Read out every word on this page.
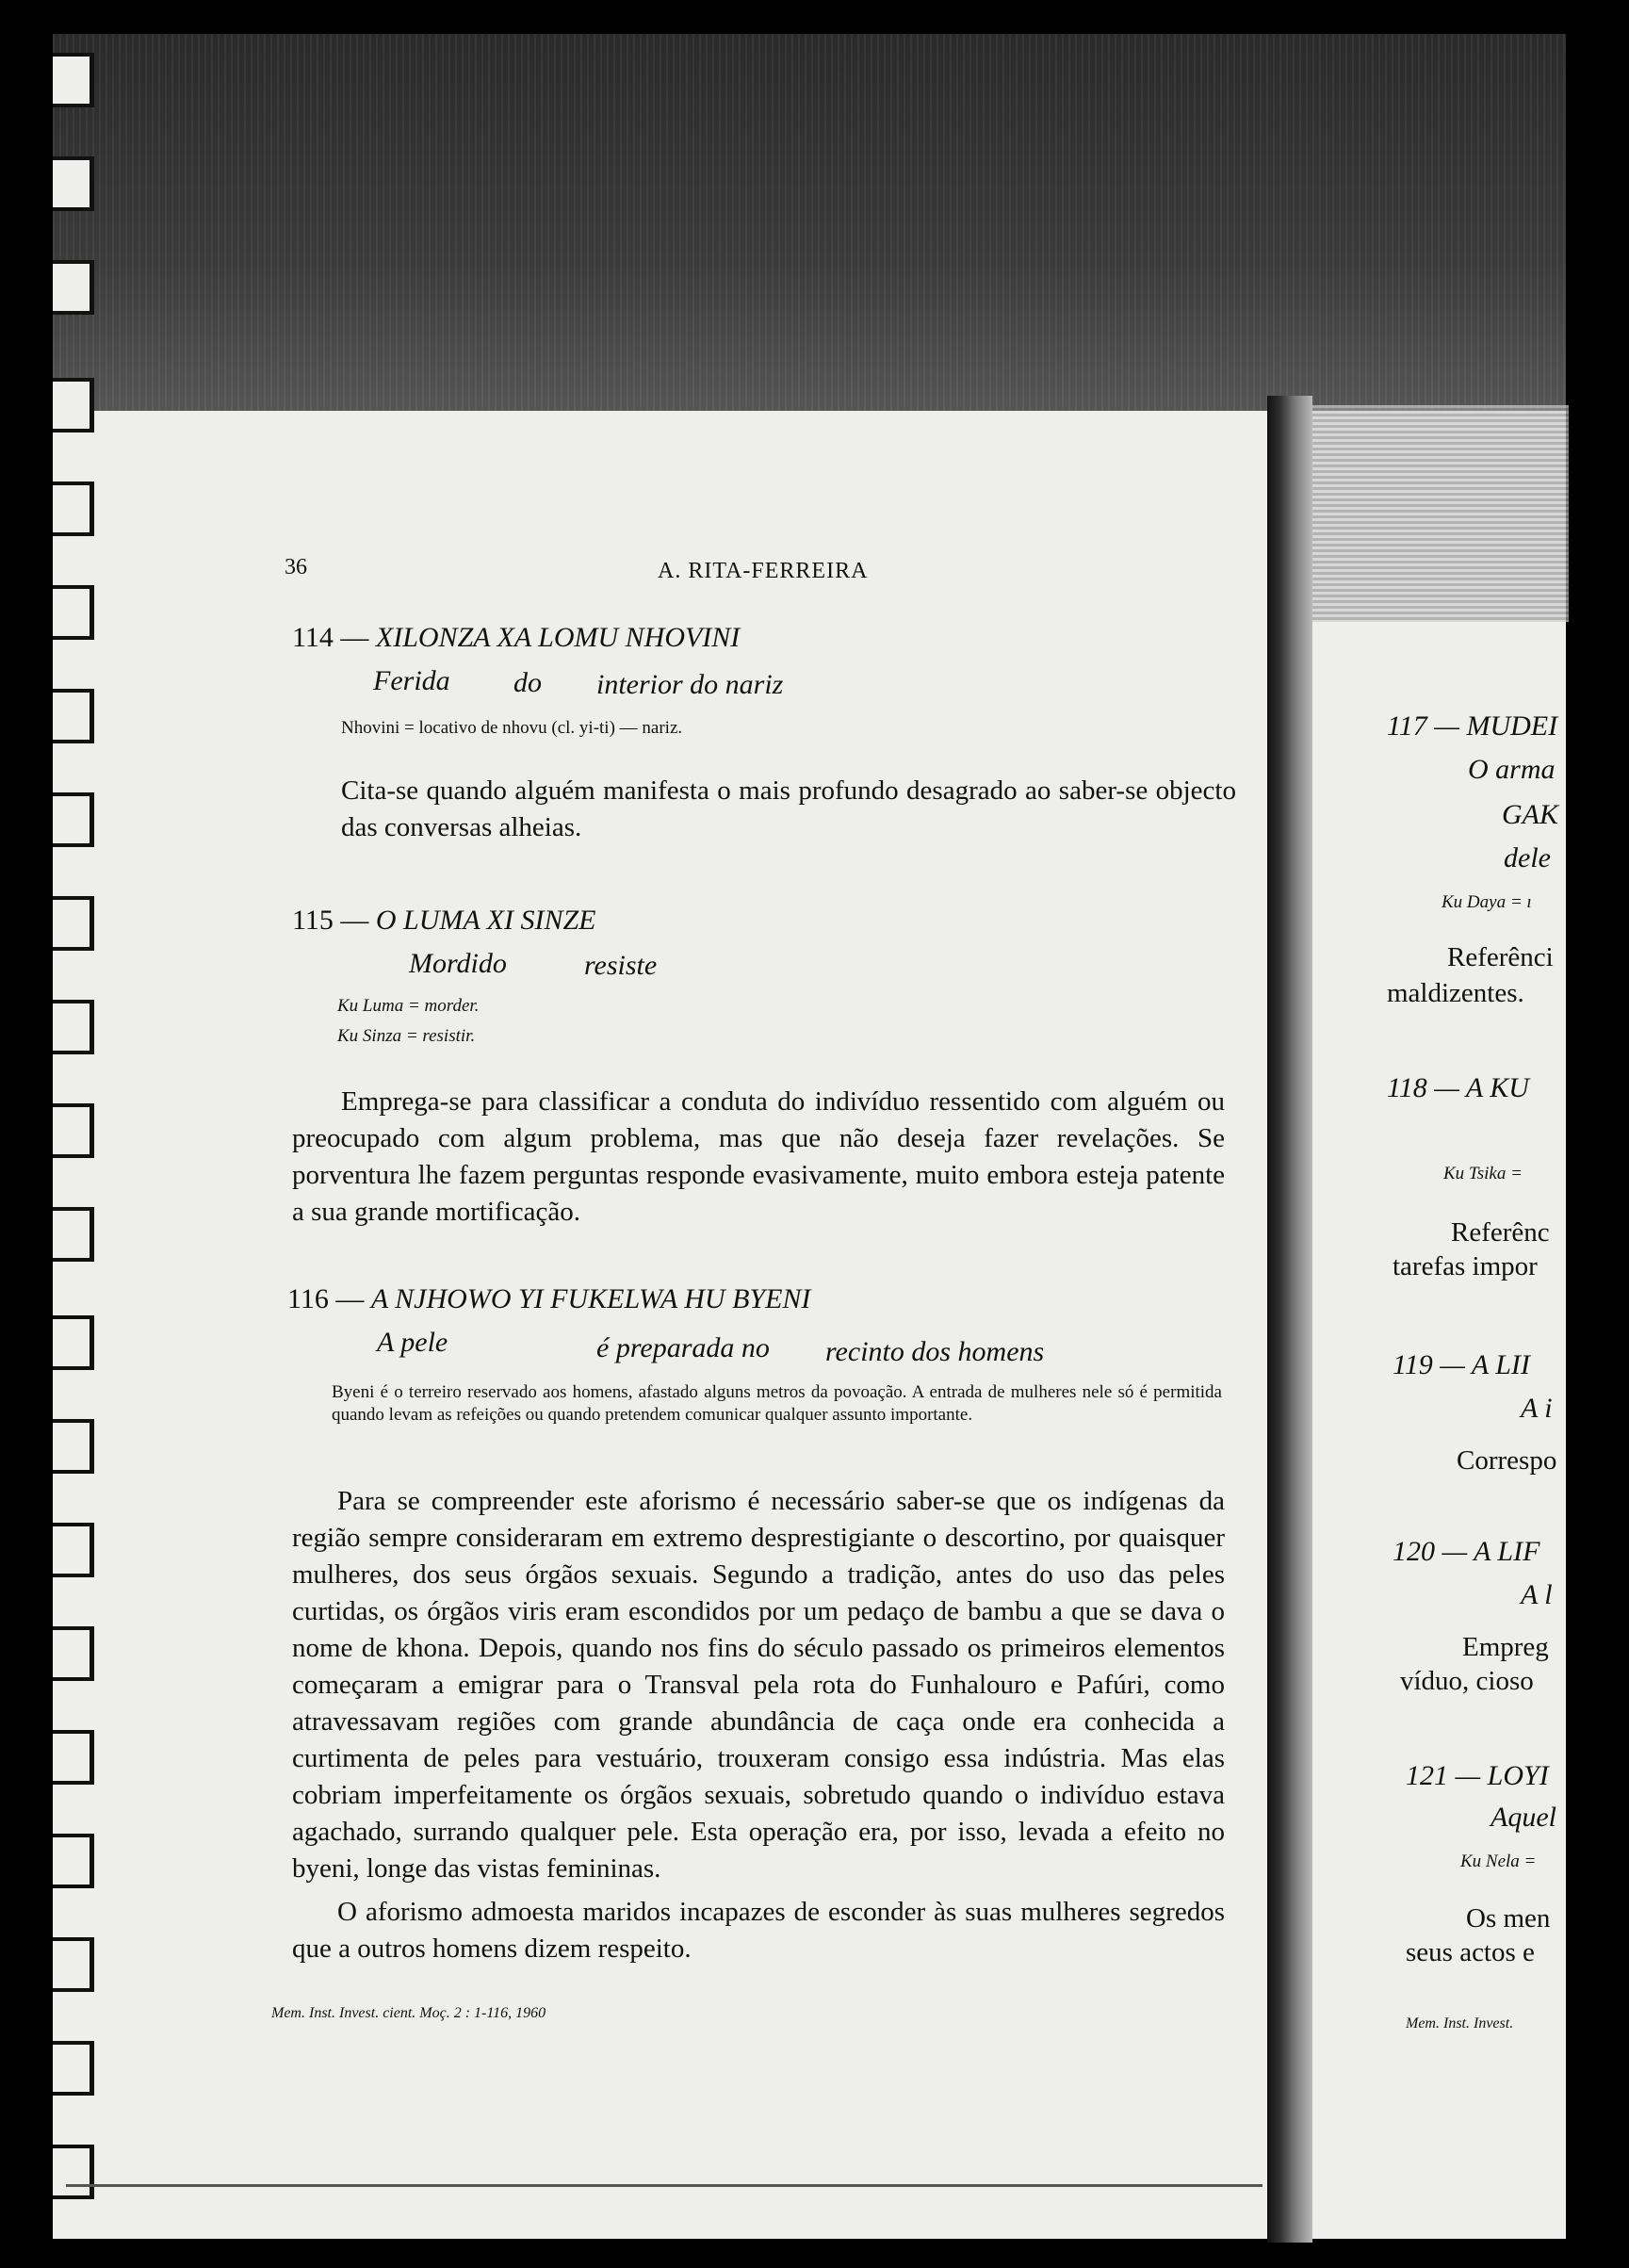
36	A. RITA-FERREIRA
114 — XILONZA XA LOMU NHOVINI
Ferida do interior do nariz
Nhovini = locativo de nhovu (cl. yi-ti) — nariz.
Cita-se quando alguém manifesta o mais profundo desagrado ao saber-se objecto das conversas alheias.
115 — O LUMA XI SINZE
Mordido	resiste
Ku Luma = morder.
Ku Sinza = resistir.
Emprega-se para classificar a conduta do indivíduo ressentido com alguém ou preocupado com algum problema, mas que não deseja fazer revelações. Se porventura lhe fazem perguntas responde evasivamente, muito embora esteja patente a sua grande mortificação.
116 — A NJHOWO YI FUKELWA HU BYENI
A pele	é preparada no recinto dos homens
Byeni é o terreiro reservado aos homens, afastado alguns metros da povoação. A entrada de mulheres nele só é permitida quando levam as refeições ou quando pretendem comunicar qualquer assunto importante.
Para se compreender este aforismo é necessário saber-se que os indígenas da região sempre consideraram em extremo desprestigiante o descortino, por quaisquer mulheres, dos seus órgãos sexuais. Segundo a tradição, antes do uso das peles curtidas, os órgãos viris eram escondidos por um pedaço de bambu a que se dava o nome de khona. Depois, quando nos fins do século passado os primeiros elementos começaram a emigrar para o Transval pela rota do Funhalouro e Pafúri, como atravessavam regiões com grande abundância de caça onde era conhecida a curtimenta de peles para vestuário, trouxeram consigo essa indústria. Mas elas cobriam imperfeitamente os órgãos sexuais, sobretudo quando o indivíduo estava agachado, surrando qualquer pele. Esta operação era, por isso, levada a efeito no byeni, longe das vistas femininas.
O aforismo admoesta maridos incapazes de esconder às suas mulheres segredos que a outros homens dizem respeito.
Mem. Inst. Invest. cient. Moç. 2 : 1-116, 1960
117 — MUDEI
O arma
GAK
dele
Ku Daya = ı
Referênci
maldizentes.
118 — A KU
Ku Tsika =
Referênc
tarefas impor
119 — A LII
A i
Correspo
120 — A LIF
A l
Empreg
víduo, cioso
121 — LOYI
Aquel
Ku Nela =
Os men
seus actos e
Mem. Inst. Invest.
